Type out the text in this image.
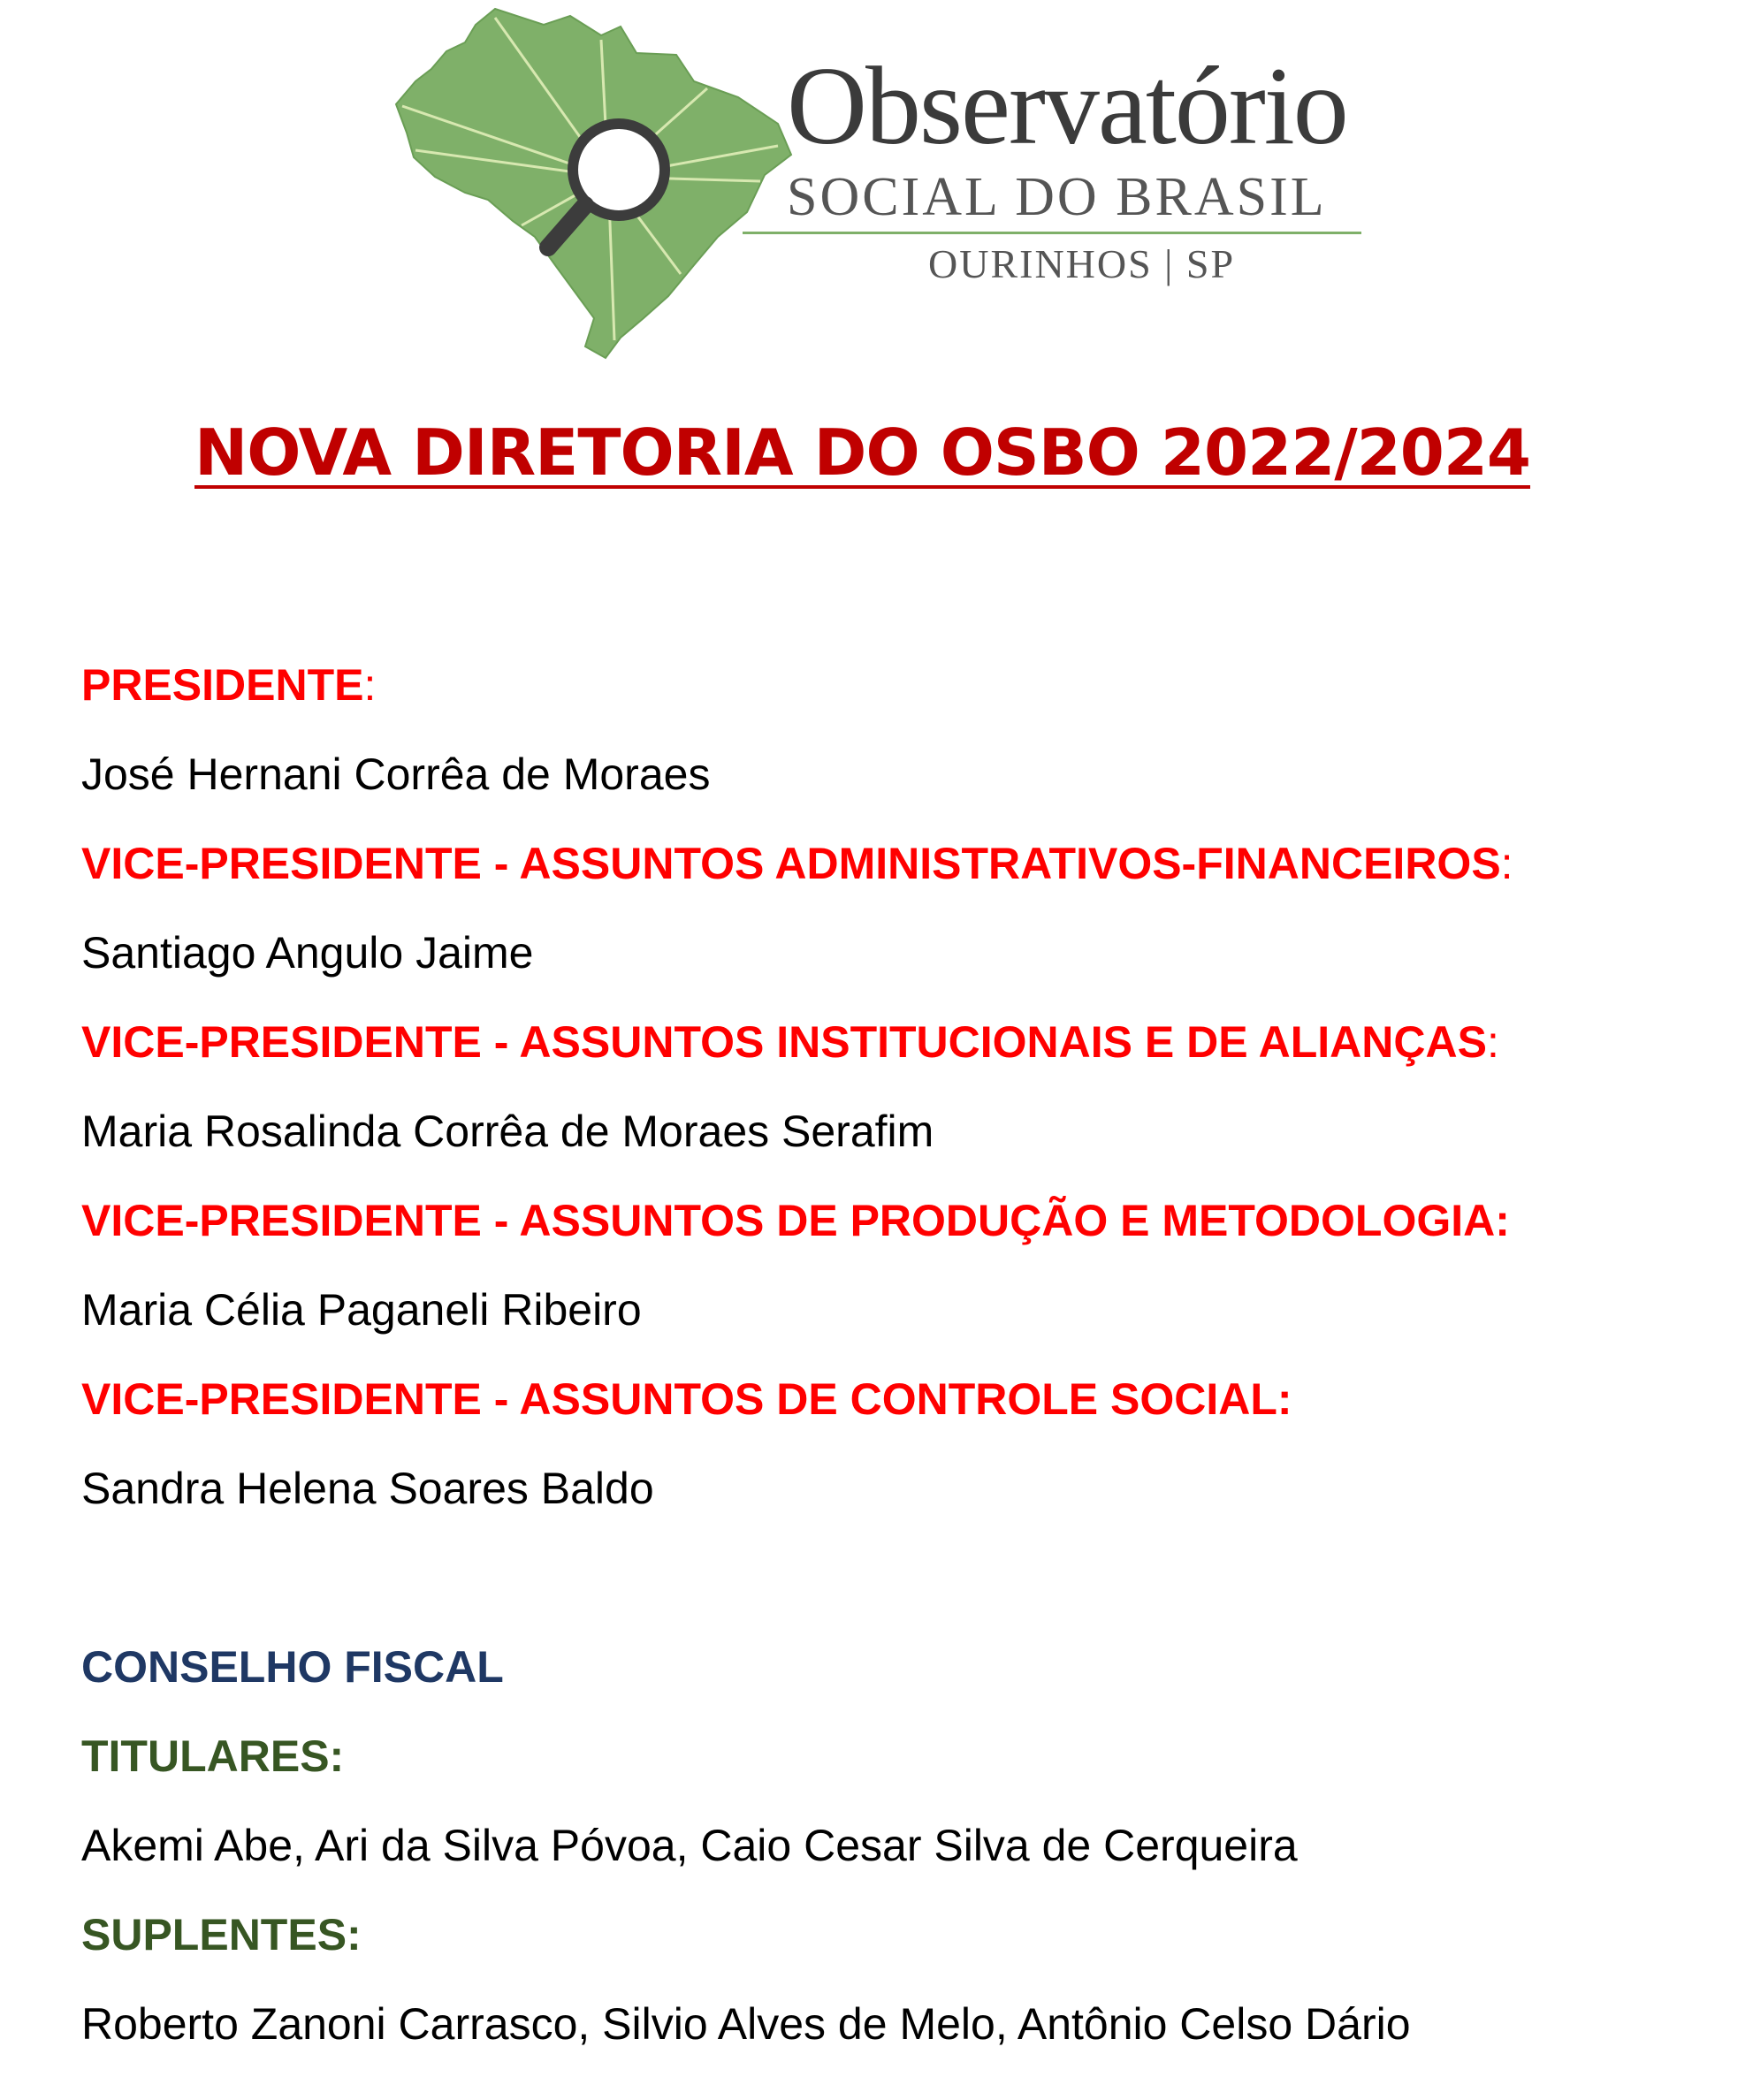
Observatório
SOCIAL DO BRASIL
OURINHOS | SP
NOVA DIRETORIA DO OSBO 2022/2024
PRESIDENTE:
José Hernani Corrêa de Moraes
VICE-PRESIDENTE - ASSUNTOS ADMINISTRATIVOS-FINANCEIROS:
Santiago Angulo Jaime
VICE-PRESIDENTE - ASSUNTOS INSTITUCIONAIS E DE ALIANÇAS:
Maria Rosalinda Corrêa de Moraes Serafim
VICE-PRESIDENTE - ASSUNTOS DE PRODUÇÃO E METODOLOGIA:
Maria Célia Paganeli Ribeiro
VICE-PRESIDENTE - ASSUNTOS DE CONTROLE SOCIAL:
Sandra Helena Soares Baldo
CONSELHO FISCAL
TITULARES:
Akemi Abe, Ari da Silva Póvoa, Caio Cesar Silva de Cerqueira
SUPLENTES:
Roberto Zanoni Carrasco, Silvio Alves de Melo, Antônio Celso Dário
